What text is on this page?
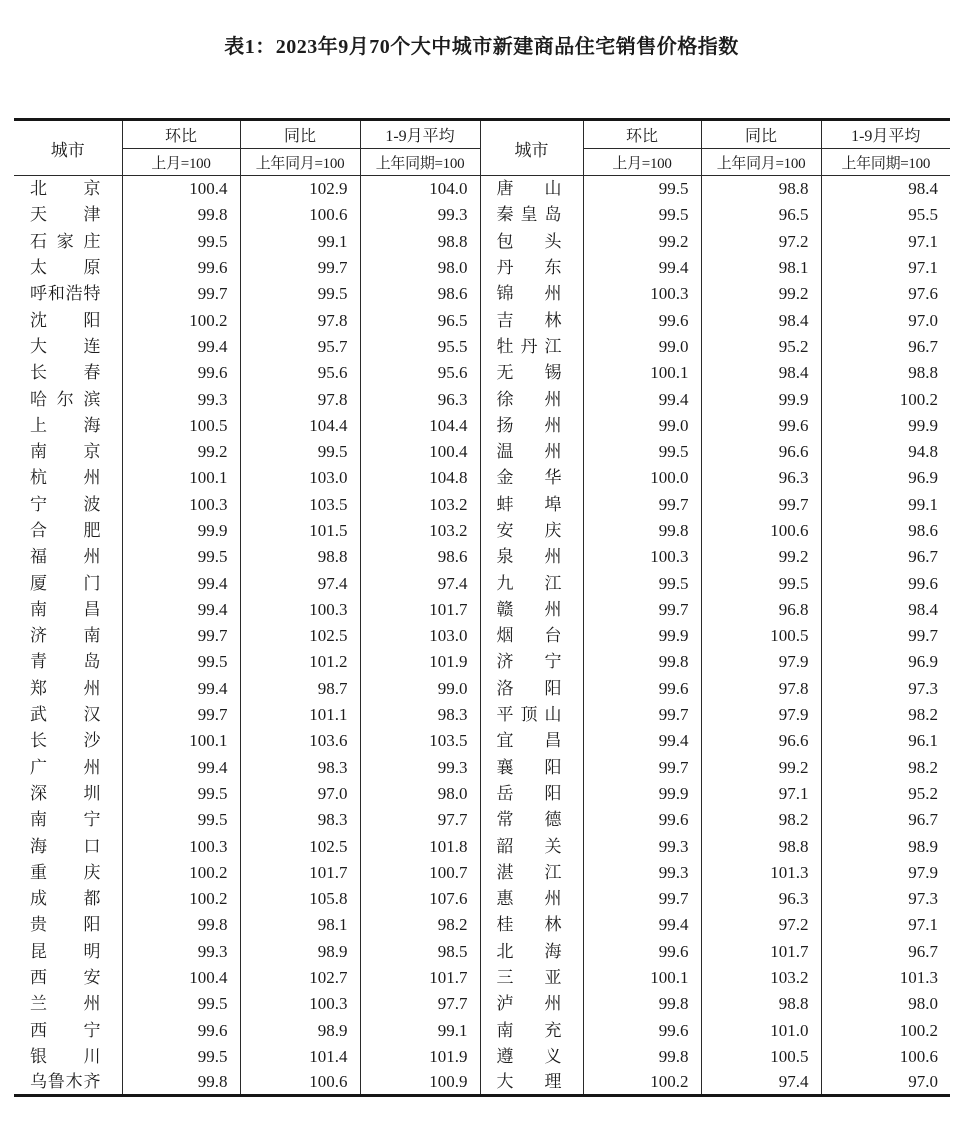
表1：2023年9月70个大中城市新建商品住宅销售价格指数
城市	环比	同比	1-9月平均	城市	环比	同比	1-9月平均
	上月=100	上年同月=100	上年同期=100		上月=100	上年同月=100	上年同期=100
北京	100.4	102.9	104.0	唐山	99.5	98.8	98.4
天津	99.8	100.6	99.3	秦皇岛	99.5	96.5	95.5
石家庄	99.5	99.1	98.8	包头	99.2	97.2	97.1
太原	99.6	99.7	98.0	丹东	99.4	98.1	97.1
呼和浩特	99.7	99.5	98.6	锦州	100.3	99.2	97.6
沈阳	100.2	97.8	96.5	吉林	99.6	98.4	97.0
大连	99.4	95.7	95.5	牡丹江	99.0	95.2	96.7
长春	99.6	95.6	95.6	无锡	100.1	98.4	98.8
哈尔滨	99.3	97.8	96.3	徐州	99.4	99.9	100.2
上海	100.5	104.4	104.4	扬州	99.0	99.6	99.9
南京	99.2	99.5	100.4	温州	99.5	96.6	94.8
杭州	100.1	103.0	104.8	金华	100.0	96.3	96.9
宁波	100.3	103.5	103.2	蚌埠	99.7	99.7	99.1
合肥	99.9	101.5	103.2	安庆	99.8	100.6	98.6
福州	99.5	98.8	98.6	泉州	100.3	99.2	96.7
厦门	99.4	97.4	97.4	九江	99.5	99.5	99.6
南昌	99.4	100.3	101.7	赣州	99.7	96.8	98.4
济南	99.7	102.5	103.0	烟台	99.9	100.5	99.7
青岛	99.5	101.2	101.9	济宁	99.8	97.9	96.9
郑州	99.4	98.7	99.0	洛阳	99.6	97.8	97.3
武汉	99.7	101.1	98.3	平顶山	99.7	97.9	98.2
长沙	100.1	103.6	103.5	宜昌	99.4	96.6	96.1
广州	99.4	98.3	99.3	襄阳	99.7	99.2	98.2
深圳	99.5	97.0	98.0	岳阳	99.9	97.1	95.2
南宁	99.5	98.3	97.7	常德	99.6	98.2	96.7
海口	100.3	102.5	101.8	韶关	99.3	98.8	98.9
重庆	100.2	101.7	100.7	湛江	99.3	101.3	97.9
成都	100.2	105.8	107.6	惠州	99.7	96.3	97.3
贵阳	99.8	98.1	98.2	桂林	99.4	97.2	97.1
昆明	99.3	98.9	98.5	北海	99.6	101.7	96.7
西安	100.4	102.7	101.7	三亚	100.1	103.2	101.3
兰州	99.5	100.3	97.7	泸州	99.8	98.8	98.0
西宁	99.6	98.9	99.1	南充	99.6	101.0	100.2
银川	99.5	101.4	101.9	遵义	99.8	100.5	100.6
乌鲁木齐	99.8	100.6	100.9	大理	100.2	97.4	97.0
